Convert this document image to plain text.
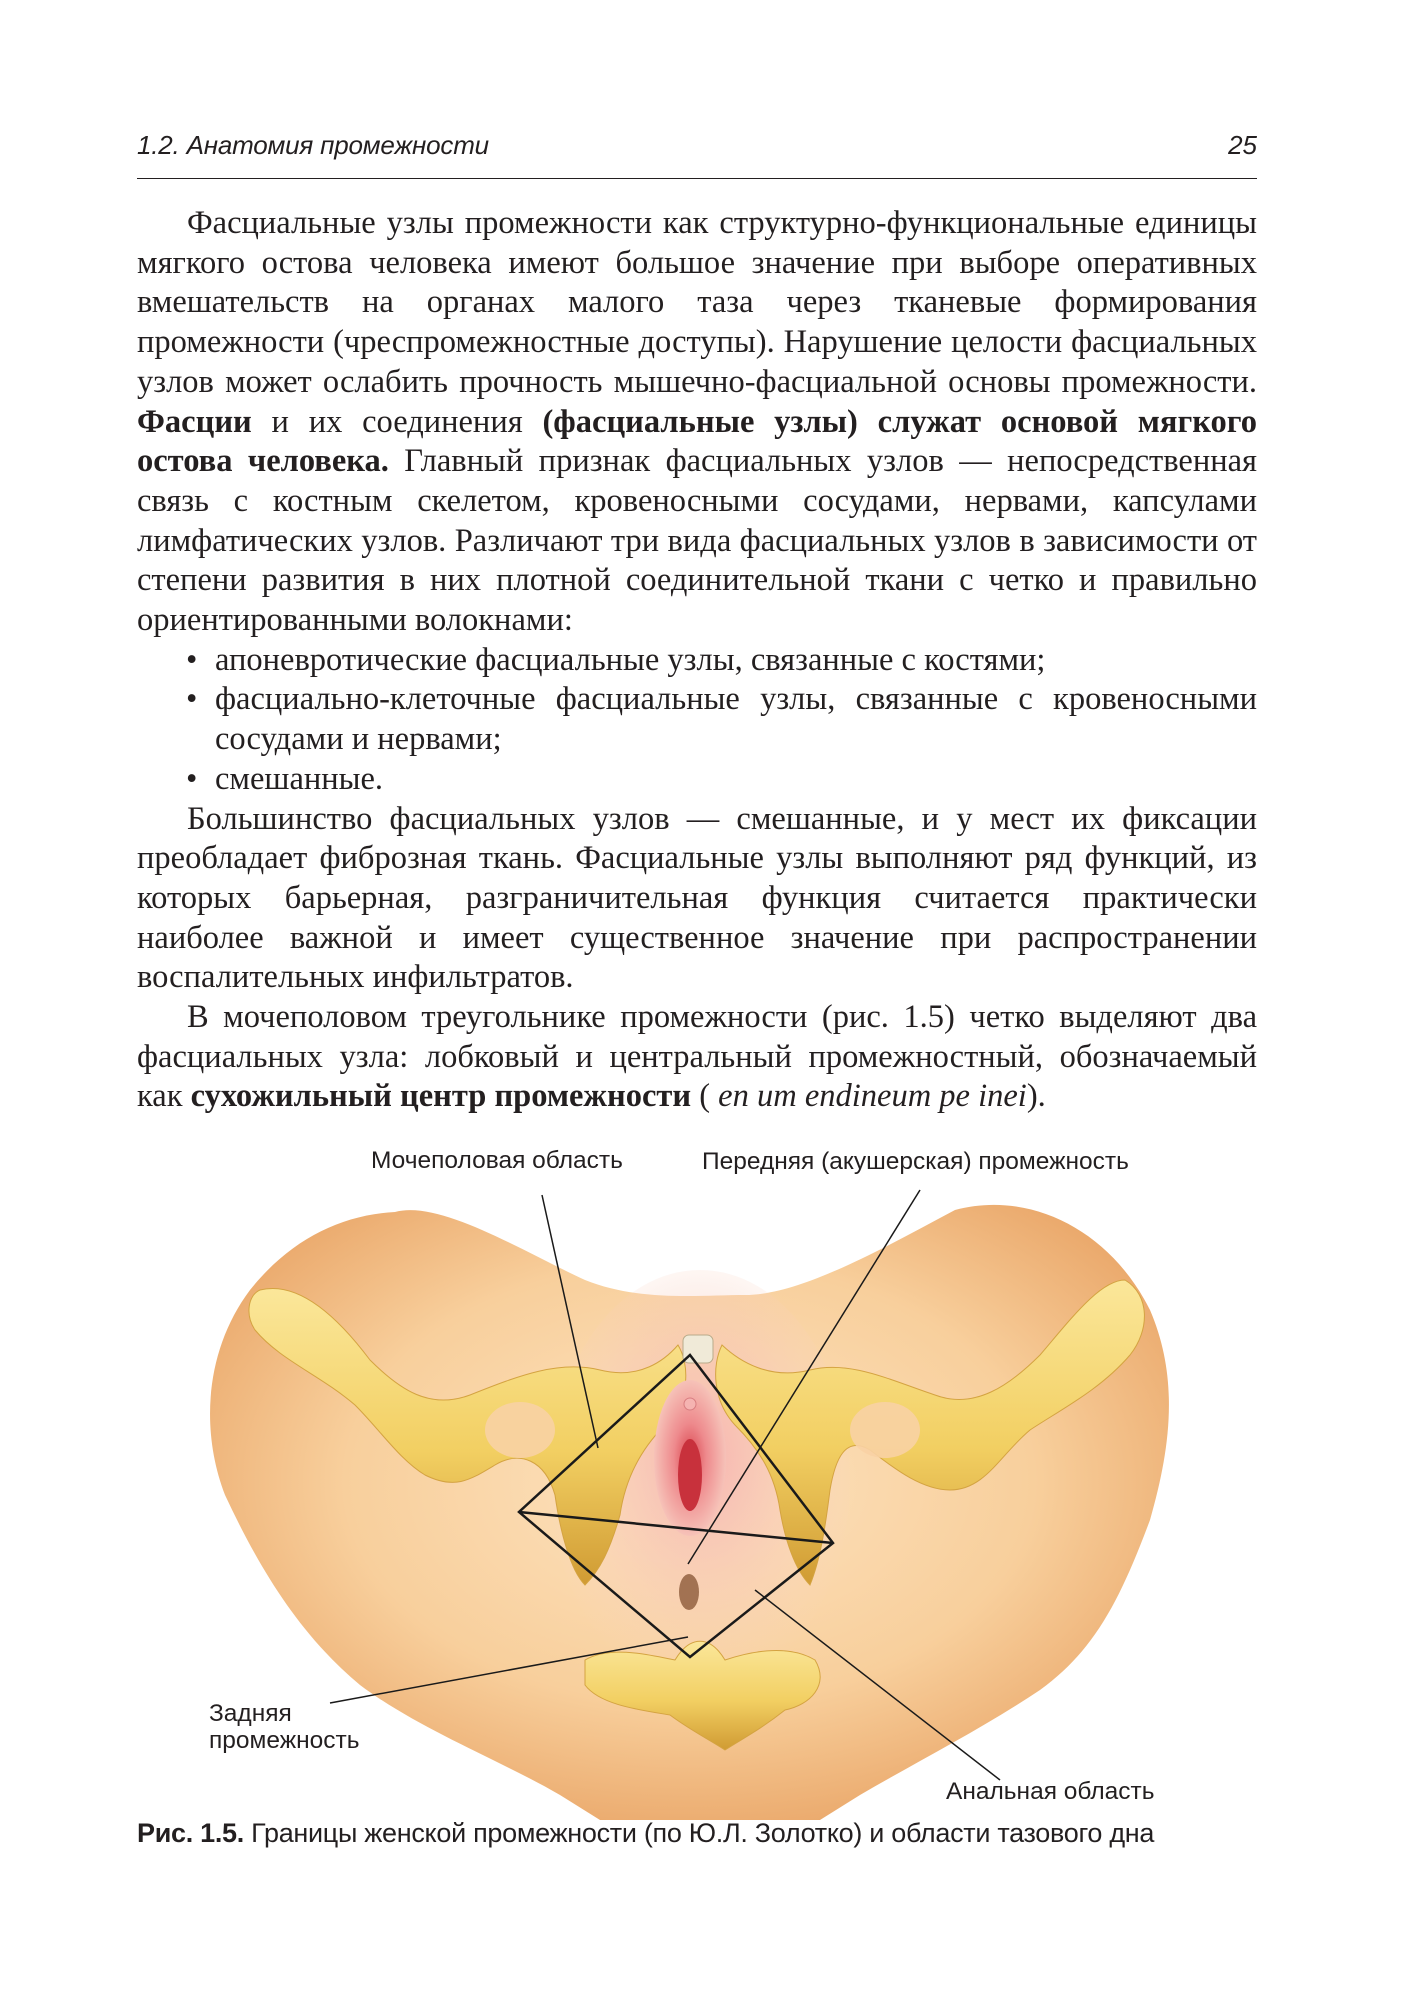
1.2. Анатомия промежности	25

Фасциальные узлы промежности как структурно-функциональные единицы мягкого остова человека имеют большое значение при выборе оперативных вмешательств на органах малого таза через тканевые формирования промежности (чреспромежностные доступы). Нарушение целости фасциальных узлов может ослабить прочность мышечно-фасциальной основы промежности. Фасции и их соединения (фасциальные узлы) служат основой мягкого остова человека. Главный признак фасциальных узлов — непосредственная связь с костным скелетом, кровеносными сосудами, нервами, капсулами лимфатических узлов. Различают три вида фасциальных узлов в зависимости от степени развития в них плотной соединительной ткани с четко и правильно ориентированными волокнами:

• апоневротические фасциальные узлы, связанные с костями;

• фасциально-клеточные фасциальные узлы, связанные с кровеносными сосудами и нервами;

• смешанные.

Большинство фасциальных узлов — смешанные, и у мест их фиксации преобладает фиброзная ткань. Фасциальные узлы выполняют ряд функций, из которых барьерная, разграничительная функция считается практически наиболее важной и имеет существенное значение при распространении воспалительных инфильтратов.

В мочеполовом треугольнике промежности (рис. 1.5) четко выделяют два фасциальных узла: лобковый и центральный промежностный, обозначаемый как сухожильный центр промежности ( en um endineum pe inei).

Мочеполовая область	Передняя (акушерская) промежность
Задняя
промежность
Анальная область
Рис. 1.5. Границы женской промежности (по Ю.Л. Золотко) и области тазового дна
